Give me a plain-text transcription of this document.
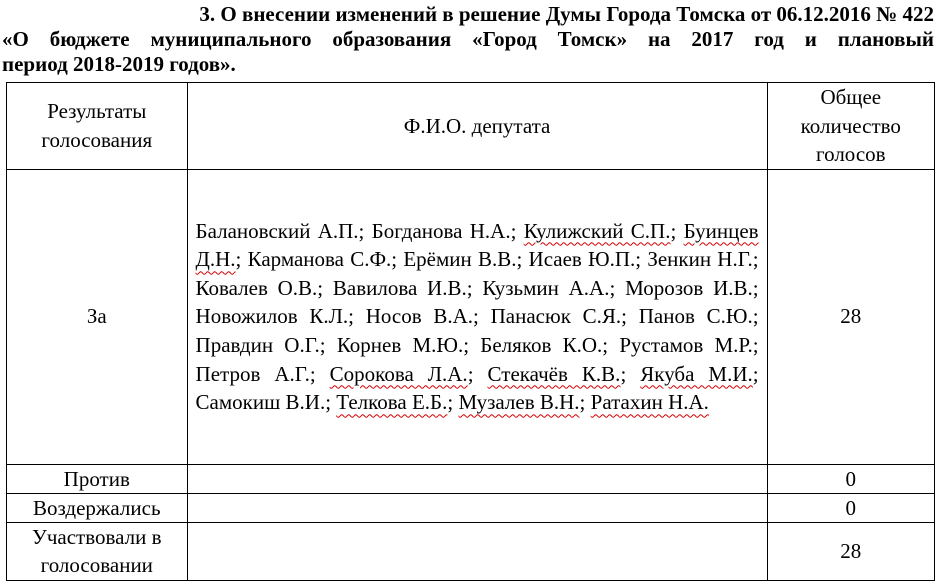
3. О внесении изменений в решение Думы Города Томска от 06.12.2016 № 422
«О бюджете муниципального образования «Город Томск» на 2017 год и плановый
период 2018-2019 годов».
Результаты голосования	Ф.И.О. депутата	Общее количество голосов
За	Балановский А.П.; Богданова Н.А.; Кулижский С.П.; Буинцев Д.Н.; Карманова С.Ф.; Ерёмин В.В.; Исаев Ю.П.; Зенкин Н.Г.; Ковалев О.В.; Вавилова И.В.; Кузьмин А.А.; Морозов И.В.; Новожилов К.Л.; Носов В.А.; Панасюк С.Я.; Панов С.Ю.; Правдин О.Г.; Корнев М.Ю.; Беляков К.О.; Рустамов М.Р.; Петров А.Г.; Сорокова Л.А.; Стекачёв К.В.; Якуба М.И.; Самокиш В.И.; Телкова Е.Б.; Музалев В.Н.; Ратахин Н.А.	28
Против		0
Воздержались		0
Участвовали в голосовании		28
